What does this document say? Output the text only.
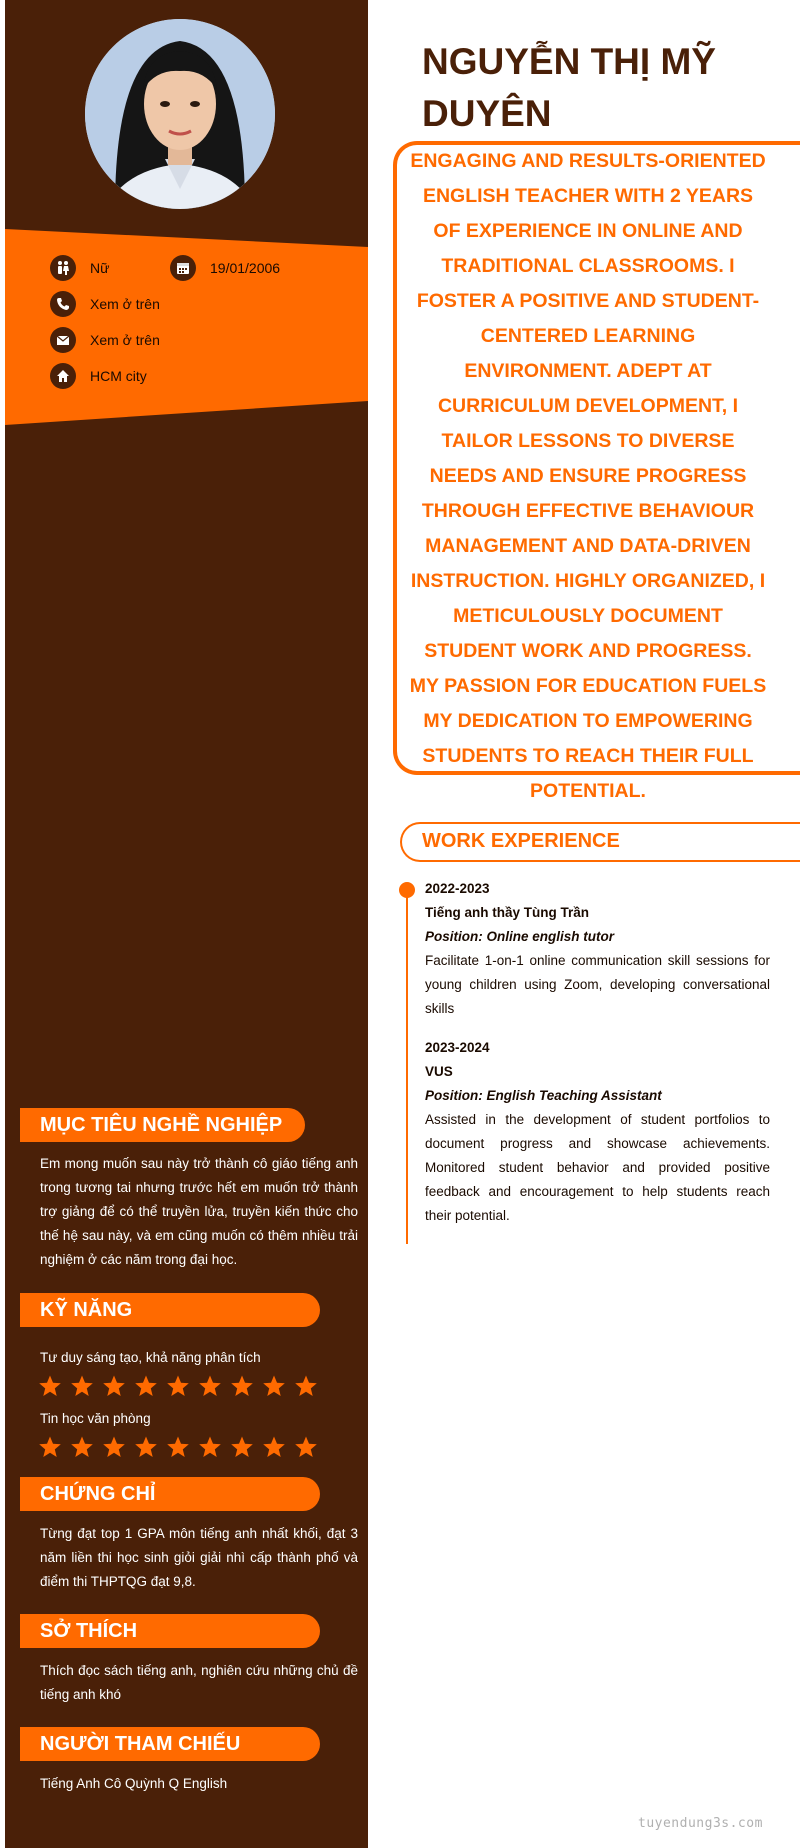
Nữ	19/01/2006
Xem ở trên
Xem ở trên
HCM city
MỤC TIÊU NGHỀ NGHIỆP
Em mong muốn sau này trở thành cô giáo tiếng anh trong tương tai nhưng trước hết em muốn trở thành trợ giảng để có thể truyền lửa, truyền kiến thức cho thế hệ sau này, và em cũng muốn có thêm nhiều trải nghiệm ở các năm trong đại học.
KỸ NĂNG
Tư duy sáng tạo, khả năng phân tích
Tin học văn phòng
CHỨNG CHỈ
Từng đạt top 1 GPA môn tiếng anh nhất khối, đạt 3 năm liền thi học sinh giỏi giải nhì cấp thành phố và điểm thi THPTQG đạt 9,8.
SỞ THÍCH
Thích đọc sách tiếng anh, nghiên cứu những chủ đề tiếng anh khó
NGƯỜI THAM CHIẾU
Tiếng Anh Cô Quỳnh Q English
NGUYỄN THỊ MỸ DUYÊN
ENGAGING AND RESULTS-ORIENTED ENGLISH TEACHER WITH 2 YEARS OF EXPERIENCE IN ONLINE AND TRADITIONAL CLASSROOMS. I FOSTER A POSITIVE AND STUDENT-CENTERED LEARNING ENVIRONMENT. ADEPT AT CURRICULUM DEVELOPMENT, I TAILOR LESSONS TO DIVERSE NEEDS AND ENSURE PROGRESS THROUGH EFFECTIVE BEHAVIOUR MANAGEMENT AND DATA-DRIVEN INSTRUCTION. HIGHLY ORGANIZED, I METICULOUSLY DOCUMENT STUDENT WORK AND PROGRESS. MY PASSION FOR EDUCATION FUELS MY DEDICATION TO EMPOWERING STUDENTS TO REACH THEIR FULL POTENTIAL.
WORK EXPERIENCE
2022-2023
Tiếng anh thầy Tùng Trần
Position: Online english tutor
Facilitate 1-on-1 online communication skill sessions for young children using Zoom, developing conversational skills
2023-2024
VUS
Position: English Teaching Assistant
Assisted in the development of student portfolios to document progress and showcase achievements. Monitored student behavior and provided positive feedback and encouragement to help students reach their potential.
tuyendung3s.com
